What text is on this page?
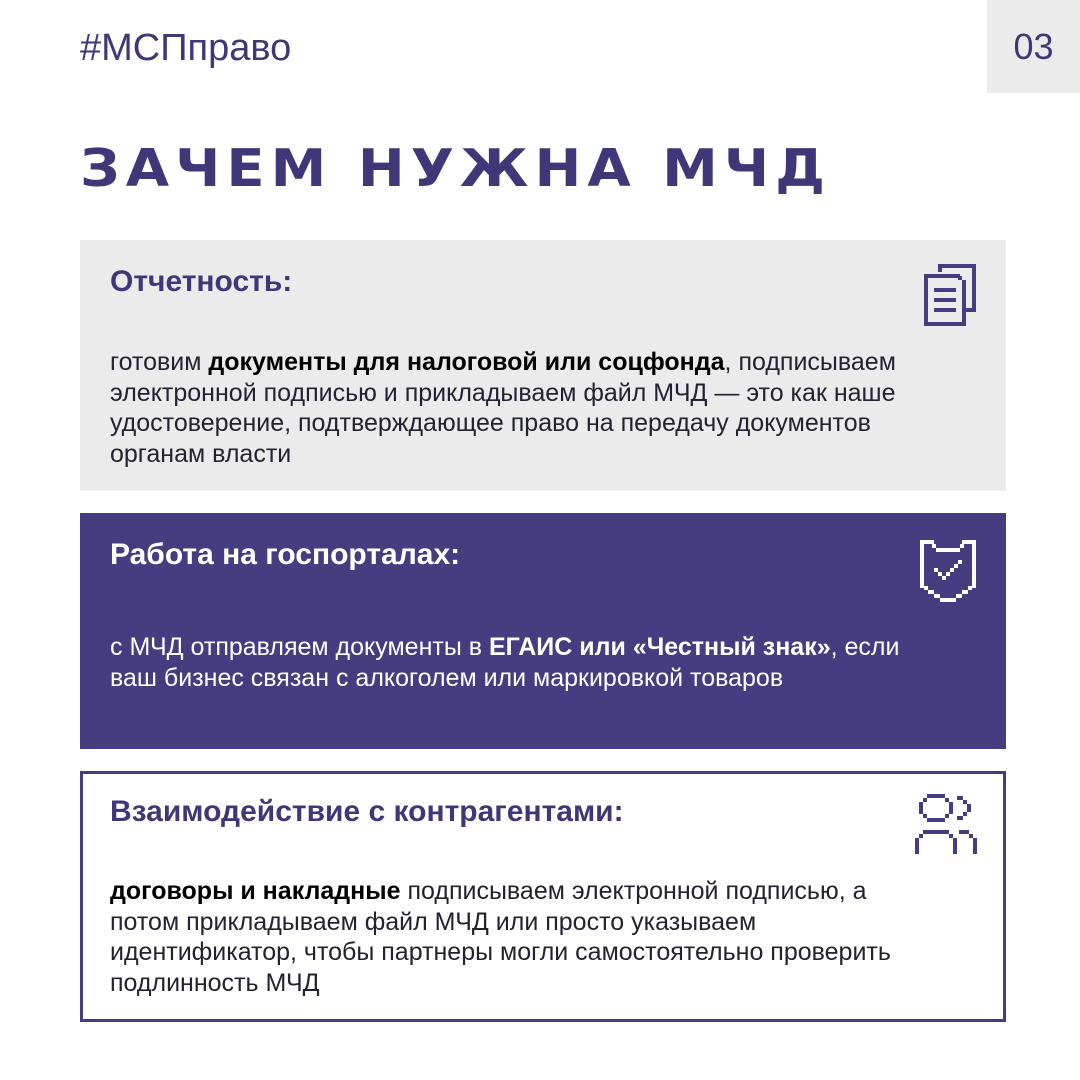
#МСПправо	03
ЗАЧЕМ НУЖНА МЧД
Отчетность:

готовим документы для налоговой или соцфонда, подписываем электронной подписью и прикладываем файл МЧД — это как наше удостоверение, подтверждающее право на передачу документов органам власти

Работа на госпорталах:

с МЧД отправляем документы в ЕГАИС или «Честный знак», если ваш бизнес связан с алкоголем или маркировкой товаров

Взаимодействие с контрагентами:

договоры и накладные подписываем электронной подписью, а потом прикладываем файл МЧД или просто указываем идентификатор, чтобы партнеры могли самостоятельно проверить подлинность МЧД
